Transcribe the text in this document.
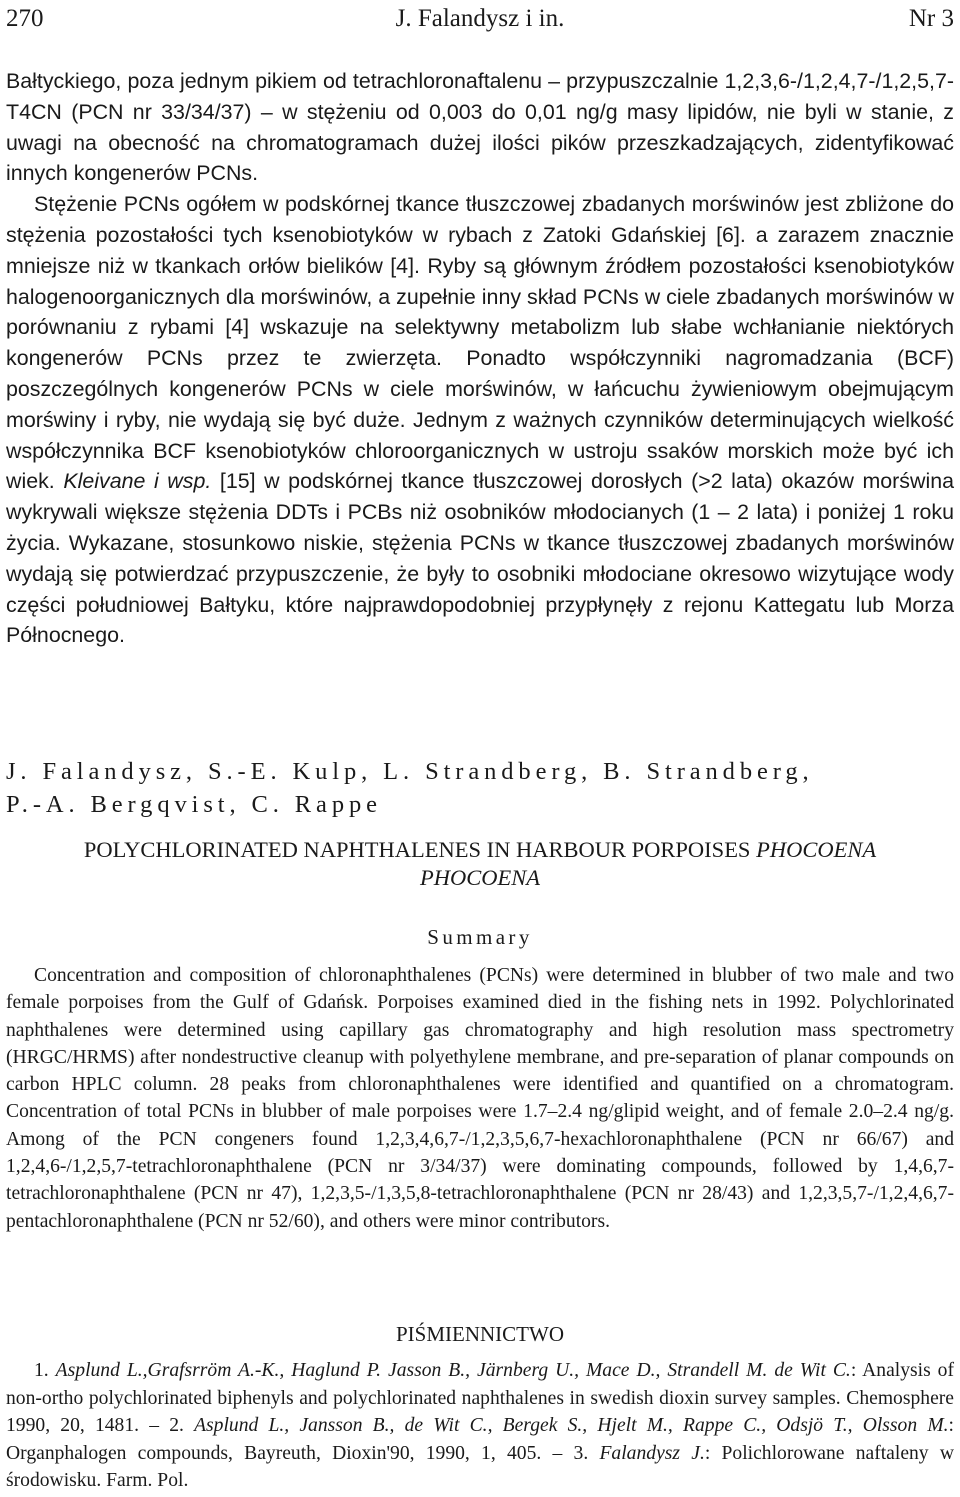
270	J. Falandysz i in.	Nr 3

Bałtyckiego, poza jednym pikiem od tetrachloronaftalenu – przypuszczalnie 1,2,3,6-/1,2,4,7-/1,2,5,7-T4CN (PCN nr 33/34/37) – w stężeniu od 0,003 do 0,01 ng/g masy lipidów, nie byli w stanie, z uwagi na obecność na chromatogramach dużej ilości pików przeszkadzających, zidentyfikować innych kongenerów PCNs.

Stężenie PCNs ogółem w podskórnej tkance tłuszczowej zbadanych morświnów jest zbliżone do stężenia pozostałości tych ksenobiotyków w rybach z Zatoki Gdańskiej [6]. a zarazem znacznie mniejsze niż w tkankach orłów bielików [4]. Ryby są głównym źródłem pozostałości ksenobiotyków halogenoorganicznych dla morświnów, a zupełnie inny skład PCNs w ciele zbadanych morświnów w porównaniu z rybami [4] wskazuje na selektywny metabolizm lub słabe wchłanianie niektórych kongenerów PCNs przez te zwierzęta. Ponadto współczynniki nagromadzania (BCF) poszczególnych kongenerów PCNs w ciele morświnów, w łańcuchu żywieniowym obejmującym morświny i ryby, nie wydają się być duże. Jednym z ważnych czynników determinujących wielkość współczynnika BCF ksenobiotyków chloroorganicznych w ustroju ssaków morskich może być ich wiek. Kleivane i wsp. [15] w podskórnej tkance tłuszczowej dorosłych (>2 lata) okazów morświna wykrywali większe stężenia DDTs i PCBs niż osobników młodocianych (1 – 2 lata) i poniżej 1 roku życia. Wykazane, stosunkowo niskie, stężenia PCNs w tkance tłuszczowej zbadanych morświnów wydają się potwierdzać przypuszczenie, że były to osobniki młodociane okresowo wizytujące wody części południowej Bałtyku, które najprawdopodobniej przypłynęły z rejonu Kattegatu lub Morza Północnego.

J. Falandysz, S.-E. Kulp, L. Strandberg, B. Strandberg,
P.-A. Bergqvist, C. Rappe
POLYCHLORINATED NAPHTHALENES IN HARBOUR PORPOISES PHOCOENA
PHOCOENA
Summary

Concentration and composition of chloronaphthalenes (PCNs) were determined in blubber of two male and two female porpoises from the Gulf of Gdańsk. Porpoises examined died in the fishing nets in 1992. Polychlorinated naphthalenes were determined using capillary gas chromatography and high resolution mass spectrometry (HRGC/HRMS) after nondestructive cleanup with polyethylene membrane, and pre-separation of planar compounds on carbon HPLC column. 28 peaks from chloronaphthalenes were identified and quantified on a chromatogram. Concentration of total PCNs in blubber of male porpoises were 1.7–2.4 ng/glipid weight, and of female 2.0–2.4 ng/g. Among of the PCN congeners found 1,2,3,4,6,7-/1,2,3,5,6,7-hexachloronaphthalene (PCN nr 66/67) and 1,2,4,6-/1,2,5,7-tetrachloronaphthalene (PCN nr 3/34/37) were dominating compounds, followed by 1,4,6,7-tetrachloronaphthalene (PCN nr 47), 1,2,3,5-/1,3,5,8-tetrachloronaphthalene (PCN nr 28/43) and 1,2,3,5,7-/1,2,4,6,7-pentachloronaphthalene (PCN nr 52/60), and others were minor contributors.

PIŚMIENNICTWO

1. Asplund L.,Grafsrröm A.-K., Haglund P. Jasson B., Järnberg U., Mace D., Strandell M. de Wit C.: Analysis of non-ortho polychlorinated biphenyls and polychlorinated naphthalenes in swedish dioxin survey samples. Chemosphere 1990, 20, 1481. – 2. Asplund L., Jansson B., de Wit C., Bergek S., Hjelt M., Rappe C., Odsjö T., Olsson M.: Organphalogen compounds, Bayreuth, Dioxin'90, 1990, 1, 405. – 3. Falandysz J.: Polichlorowane naftaleny w środowisku. Farm. Pol.
